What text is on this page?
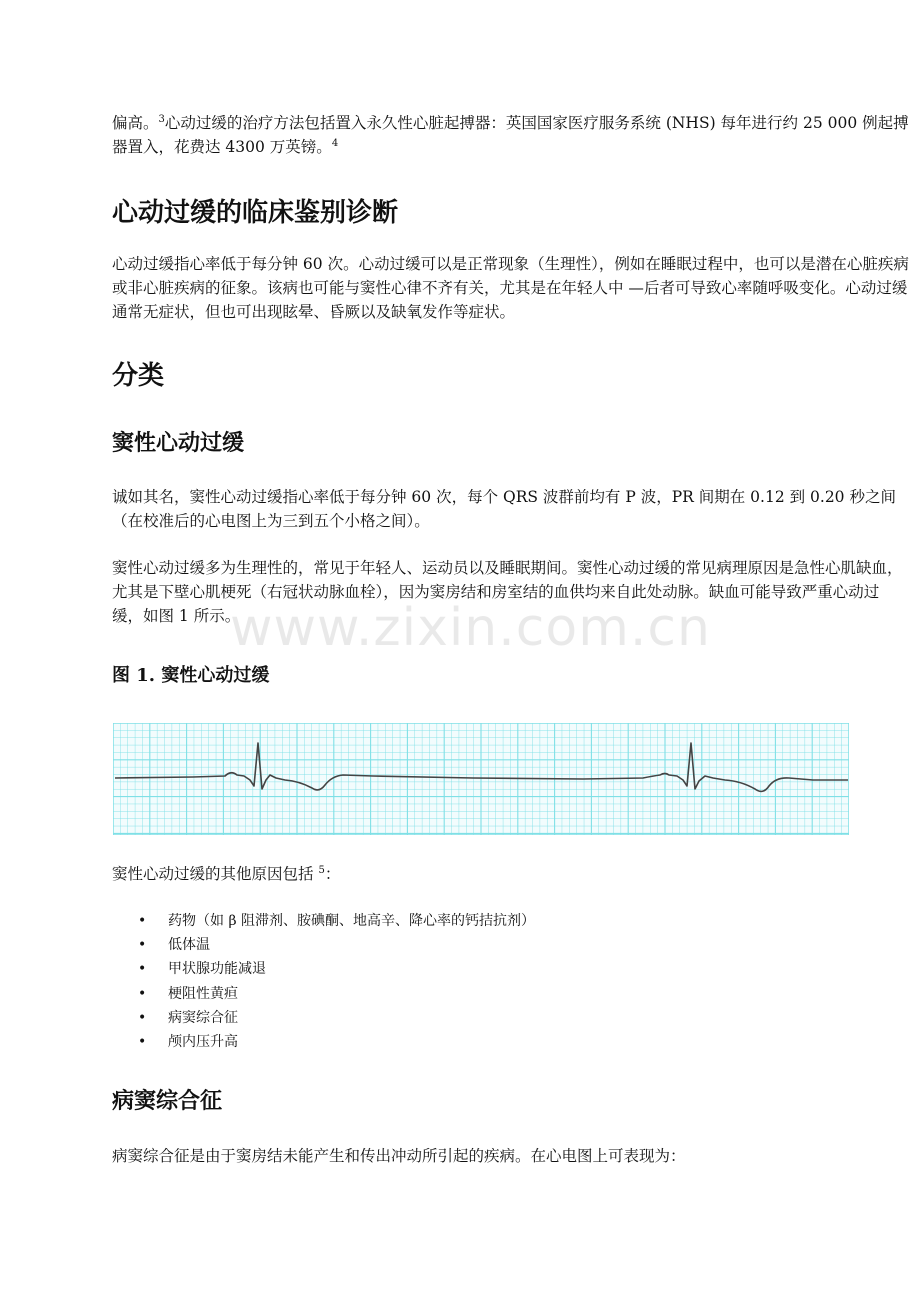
偏高。$^3$心动过缓的治疗方法包括置入永久性心脏起搏器：英国国家医疗服务系统 (NHS) 每年进行约 25 000 例起搏器置入，花费达 4300 万英镑。$^4$

心动过缓的临床鉴别诊断

心动过缓指心率低于每分钟 60 次。心动过缓可以是正常现象（生理性），例如在睡眠过程中，也可以是潜在心脏疾病或非心脏疾病的征象。该病也可能与窦性心律不齐有关，尤其是在年轻人中 —后者可导致心率随呼吸变化。心动过缓通常无症状，但也可出现眩晕、昏厥以及缺氧发作等症状。

分类
窦性心动过缓

诚如其名，窦性心动过缓指心率低于每分钟 60 次，每个 QRS 波群前均有 P 波，PR 间期在 0.12 到 0.20 秒之间（在校准后的心电图上为三到五个小格之间）。

窦性心动过缓多为生理性的，常见于年轻人、运动员以及睡眠期间。窦性心动过缓的常见病理原因是急性心肌缺血，尤其是下壁心肌梗死（右冠状动脉血栓），因为窦房结和房室结的血供均来自此处动脉。缺血可能导致严重心动过缓，如图 1 所示。

www.zixin.com.cn
图 1. 窦性心动过缓

窦性心动过缓的其他原因包括 $^5$：

• 药物（如 β 阻滞剂、胺碘酮、地高辛、降心率的钙拮抗剂）
• 低体温
• 甲状腺功能减退
• 梗阻性黄疸
• 病窦综合征
• 颅内压升高
病窦综合征

病窦综合征是由于窦房结未能产生和传出冲动所引起的疾病。在心电图上可表现为：
